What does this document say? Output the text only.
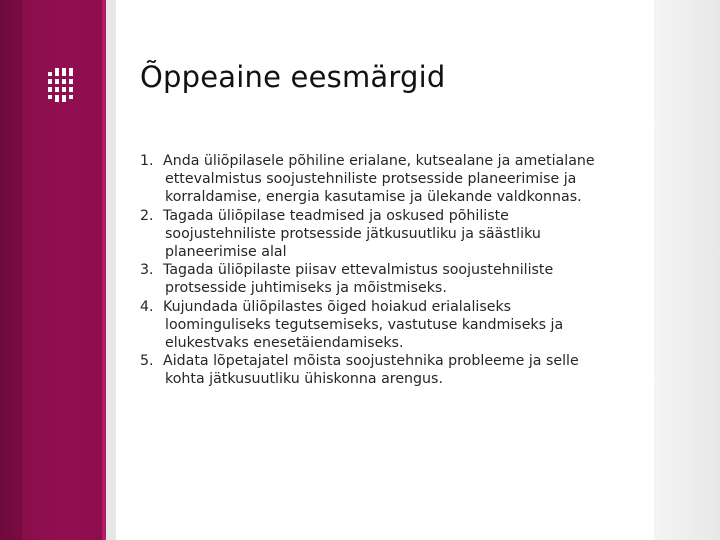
Õppeaine eesmärgid
1. Anda üliõpilasele põhiline erialane, kutsealane ja ametialane ettevalmistus soojustehniliste protsesside planeerimise ja korraldamise, energia kasutamise ja ülekande valdkonnas.
2. Tagada üliõpilase teadmised ja oskused põhiliste soojustehniliste protsesside jätkusuutliku ja säästliku planeerimise alal
3. Tagada üliõpilaste piisav ettevalmistus soojustehniliste protsesside juhtimiseks ja mõistmiseks.
4. Kujundada üliõpilastes õiged hoiakud erialaliseks loominguliseks tegutsemiseks, vastutuse kandmiseks ja elukestvaks enesetäiendamiseks.
5. Aidata lõpetajatel mõista soojustehnika probleeme ja selle kohta jätkusuutliku ühiskonna arengus.
